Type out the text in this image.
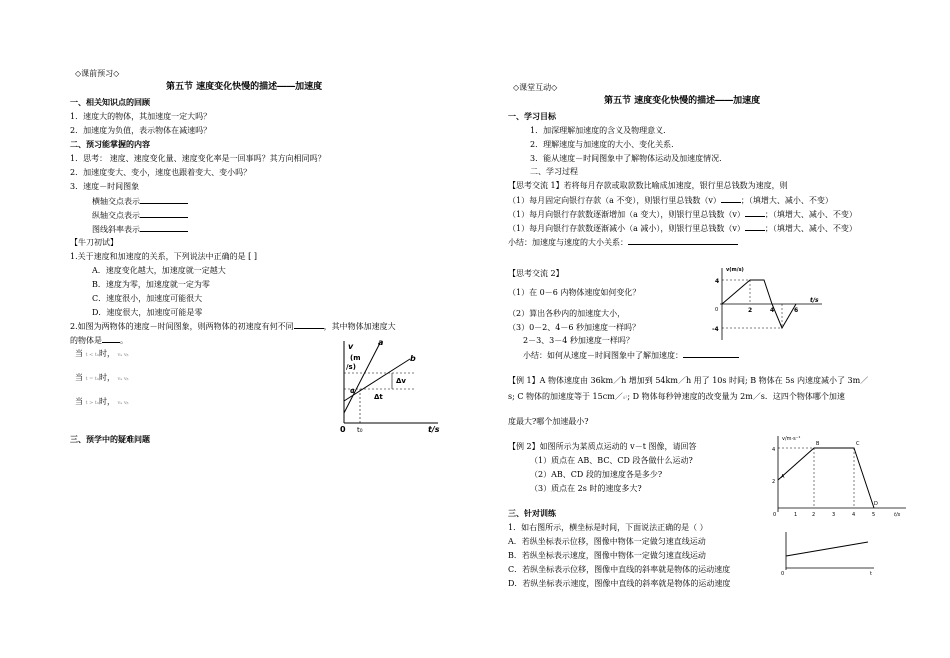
◇课前预习◇
第五节 速度变化快慢的描述――加速度
一、相关知识点的回顾
1．速度大的物体，其加速度一定大吗？
2．加速度为负值，表示物体在减速吗？
二、预习能掌握的内容
1．思考： 速度、速度变化量、速度变化率是一回事吗？其方向相同吗？
2．加速度变大、变小，速度也跟着变大、变小吗？
3．速度－时间图象
横轴交点表示
纵轴交点表示
图线斜率表示
【牛刀初试】
1.关于速度和加速度的关系，下列说法中正确的是 [ ]
A．速度变化越大，加速度就一定越大
B．速度为零，加速度就一定为零
C．速度很小，加速度可能很大
D．速度很大，加速度可能是零
2.如图为两物体的速度－时间图象，则两物体的初速度有何不同	，其中物体加速度大
的物体是 。
当 t < t₀时， vₐ vᵦ
当 t = t₀时， vₐ vᵦ
当 t > t₀时， vₐ vᵦ
三、预学中的疑难问题
v	a
b
(m
/s)
Δv
α
Δt
0 t₀	t/s
◇课堂互动◇
第五节 速度变化快慢的描述――加速度
一、学习目标
1．加深理解加速度的含义及物理意义．
2．理解速度与加速度的大小、变化关系．
3．能从速度－时间图象中了解物体运动及加速度情况．
二、学习过程
【思考交流 1】若将每月存款或取款数比喻成加速度，银行里总钱数为速度，则
（1）每月固定向银行存款（a 不变），则银行里总钱数（v）	；（填增大、减小、不变）
（1）每月向银行存款数逐渐增加（a 变大），则银行里总钱数（v）	；（填增大、减小、不变）
（1）每月向银行存款数逐渐减小（a 减小），则银行里总钱数（v）	；（填增大、减小、不变）
小结：加速度与速度的大小关系：
【思考交流 2】
（1）在 0－6 内物体速度如何变化？
（2）算出各秒内的加速度大小，
（3）0－2、4－6 秒加速度一样吗？
2－3、3－4 秒加速度一样吗？
小结：如何从速度－时间图象中了解加速度：
【例 1】A 物体速度由 36km／h 增加到 54km／h 用了 10s 时间; B 物体在 5s 内速度减小了 3m／
s; C 物体的加速度等于 15cm／s²; D 物体每秒钟速度的改变量为 2m／s．这四个物体哪个加速
度最大?哪个加速最小?
【例 2】如图所示为某质点运动的 v－t 图像，请回答
（1）质点在 AB、BC、CD 段各做什么运动?
（2）AB、CD 段的加速度各是多少?
（3）质点在 2s 时的速度多大?
三、针对训练
1．如右图所示，横坐标是时间，下面说法正确的是（ ）
A．若纵坐标表示位移，图像中物体一定做匀速直线运动
B．若纵坐标表示速度，图像中物体一定做匀速直线运动
C．若纵坐标表示位移，图像中直线的斜率就是物体的运动速度
D．若纵坐标表示速度，图像中直线的斜率就是物体的运动速度
v(m/s)
4
-4
2	4	6
t/s
0
v/m·s⁻¹
4
2
A
B	C
D
0	1	2	3	4	5	t/s
0	t
